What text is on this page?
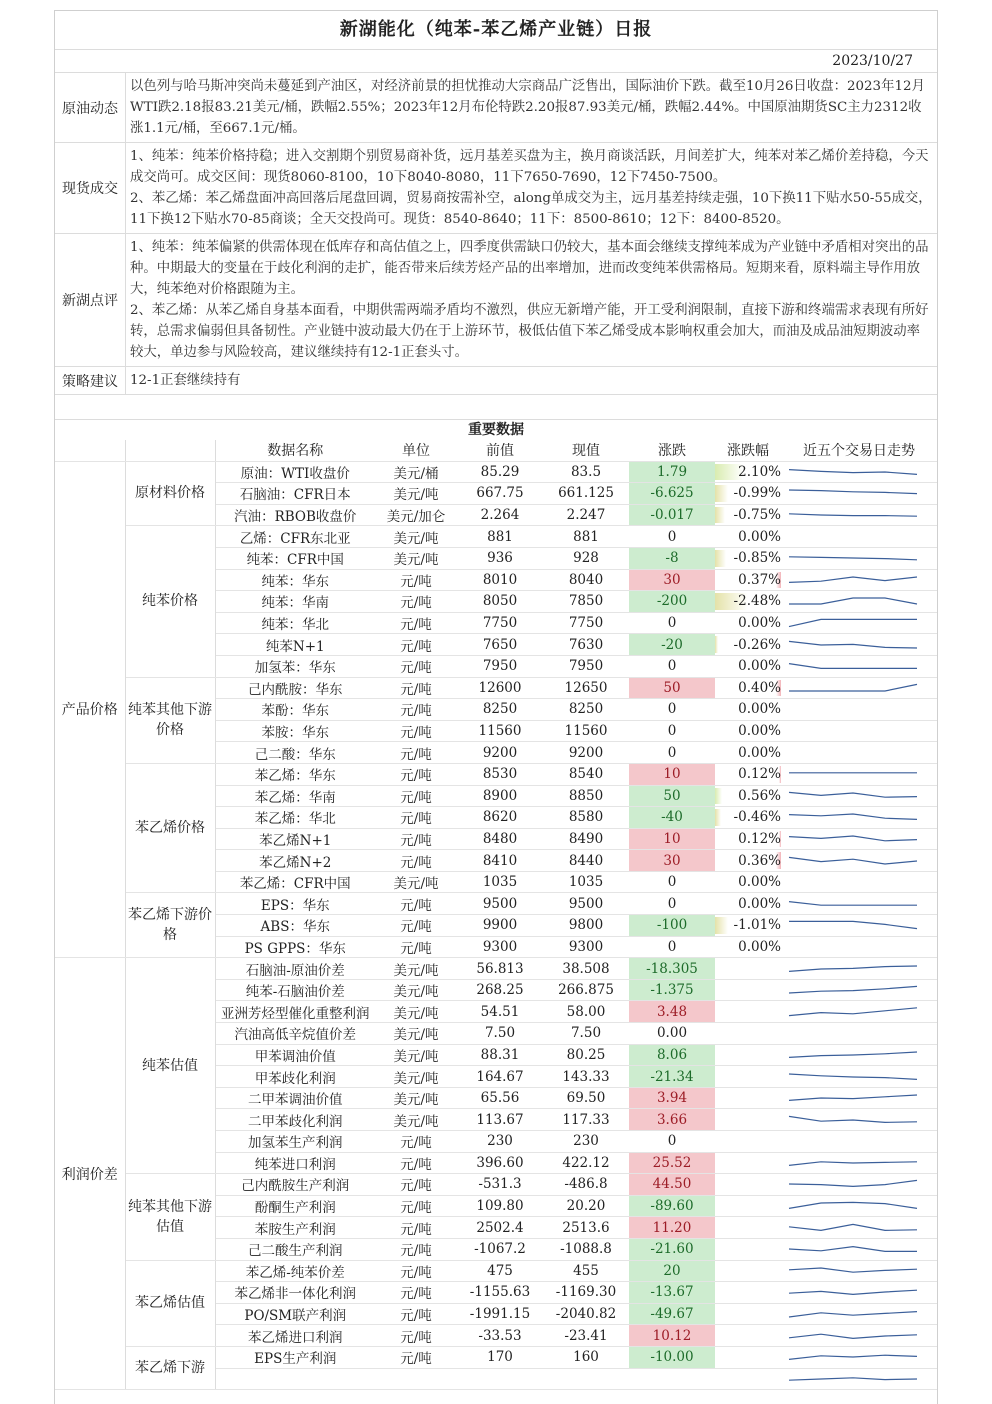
新湖能化（纯苯-苯乙烯产业链）日报
2023/10/27
原油动态

以色列与哈马斯冲突尚未蔓延到产油区，对经济前景的担忧推动大宗商品广泛售出，国际油价下跌。截至10月26日收盘：2023年12月WTI跌2.18报83.21美元/桶，跌幅2.55%；2023年12月布伦特跌2.20报87.93美元/桶，跌幅2.44%。中国原油期货SC主力2312收涨1.1元/桶，至667.1元/桶。

现货成交

1、纯苯：纯苯价格持稳；进入交割期个别贸易商补货，远月基差买盘为主，换月商谈活跃，月间差扩大，纯苯对苯乙烯价差持稳，今天成交尚可。成交区间：现货8060-8100，10下8040-8080，11下7650-7690，12下7450-7500。

2、苯乙烯：苯乙烯盘面冲高回落后尾盘回调，贸易商按需补空，along单成交为主，远月基差持续走强，10下换11下贴水50-55成交，11下换12下贴水70-85商谈；全天交投尚可。现货：8540-8640；11下：8500-8610；12下：8400-8520。

新湖点评

1、纯苯：纯苯偏紧的供需体现在低库存和高估值之上，四季度供需缺口仍较大，基本面会继续支撑纯苯成为产业链中矛盾相对突出的品种。中期最大的变量在于歧化利润的走扩，能否带来后续芳烃产品的出率增加，进而改变纯苯供需格局。短期来看，原料端主导作用放大，纯苯绝对价格跟随为主。

2、苯乙烯：从苯乙烯自身基本面看，中期供需两端矛盾均不激烈，供应无新增产能，开工受利润限制，直接下游和终端需求表现有所好转，总需求偏弱但具备韧性。产业链中波动最大仍在于上游环节，极低估值下苯乙烯受成本影响权重会加大，而油及成品油短期波动率较大，单边参与风险较高，建议继续持有12-1正套头寸。

策略建议 12-1正套继续持有

重要数据
		数据名称	单位	前值	现值	涨跌	涨跌幅	近五个交易日走势
产品价格	原材料价格	原油：WTI收盘价	美元/桶	85.29	83.5	1.79	2.10%	

		石脑油：CFR日本	美元/吨	667.75	661.125	-6.625	-0.99%	

		汽油：RBOB收盘价	美元/加仑	2.264	2.247	-0.017	-0.75%	

	纯苯价格	乙烯：CFR东北亚	美元/吨	881	881	0	0.00%	

		纯苯：CFR中国	美元/吨	936	928	-8	-0.85%	

		纯苯：华东	元/吨	8010	8040	30	0.37%	

		纯苯：华南	元/吨	8050	7850	-200	-2.48%	

		纯苯：华北	元/吨	7750	7750	0	0.00%	

		纯苯N+1	元/吨	7650	7630	-20	-0.26%	

		加氢苯：华东	元/吨	7950	7950	0	0.00%	

	纯苯其他下游价格	己内酰胺：华东	元/吨	12600	12650	50	0.40%	

		苯酚：华东	元/吨	8250	8250	0	0.00%	

		苯胺：华东	元/吨	11560	11560	0	0.00%	

		己二酸：华东	元/吨	9200	9200	0	0.00%	

	苯乙烯价格	苯乙烯：华东	元/吨	8530	8540	10	0.12%	

		苯乙烯：华南	元/吨	8900	8850	50	0.56%	

		苯乙烯：华北	元/吨	8620	8580	-40	-0.46%	

		苯乙烯N+1	元/吨	8480	8490	10	0.12%	

		苯乙烯N+2	元/吨	8410	8440	30	0.36%	

		苯乙烯：CFR中国	美元/吨	1035	1035	0	0.00%	

	苯乙烯下游价格	EPS：华东	元/吨	9500	9500	0	0.00%	

		ABS：华东	元/吨	9900	9800	-100	-1.01%	

		PS GPPS：华东	元/吨	9300	9300	0	0.00%	

利润价差	纯苯估值	石脑油-原油价差	美元/吨	56.813	38.508	-18.305		

		纯苯-石脑油价差	美元/吨	268.25	266.875	-1.375		

		亚洲芳烃型催化重整利润	美元/吨	54.51	58.00	3.48		

		汽油高低辛烷值价差	美元/吨	7.50	7.50	0.00		

		甲苯调油价值	美元/吨	88.31	80.25	8.06		

		甲苯歧化利润	美元/吨	164.67	143.33	-21.34		

		二甲苯调油价值	美元/吨	65.56	69.50	3.94		

		二甲苯歧化利润	美元/吨	113.67	117.33	3.66		

		加氢苯生产利润	元/吨	230	230	0		

		纯苯进口利润	元/吨	396.60	422.12	25.52		

	纯苯其他下游估值	己内酰胺生产利润	元/吨	-531.3	-486.8	44.50		

		酚酮生产利润	元/吨	109.80	20.20	-89.60		

		苯胺生产利润	元/吨	2502.4	2513.6	11.20		

		己二酸生产利润	元/吨	-1067.2	-1088.8	-21.60		

	苯乙烯估值	苯乙烯-纯苯价差	元/吨	475	455	20		

		苯乙烯非一体化利润	元/吨	-1155.63	-1169.30	-13.67		

		PO/SM联产利润	元/吨	-1991.15	-2040.82	-49.67		

		苯乙烯进口利润	元/吨	-33.53	-23.41	10.12		

	苯乙烯下游	EPS生产利润	元/吨	170	160	-10.00		
